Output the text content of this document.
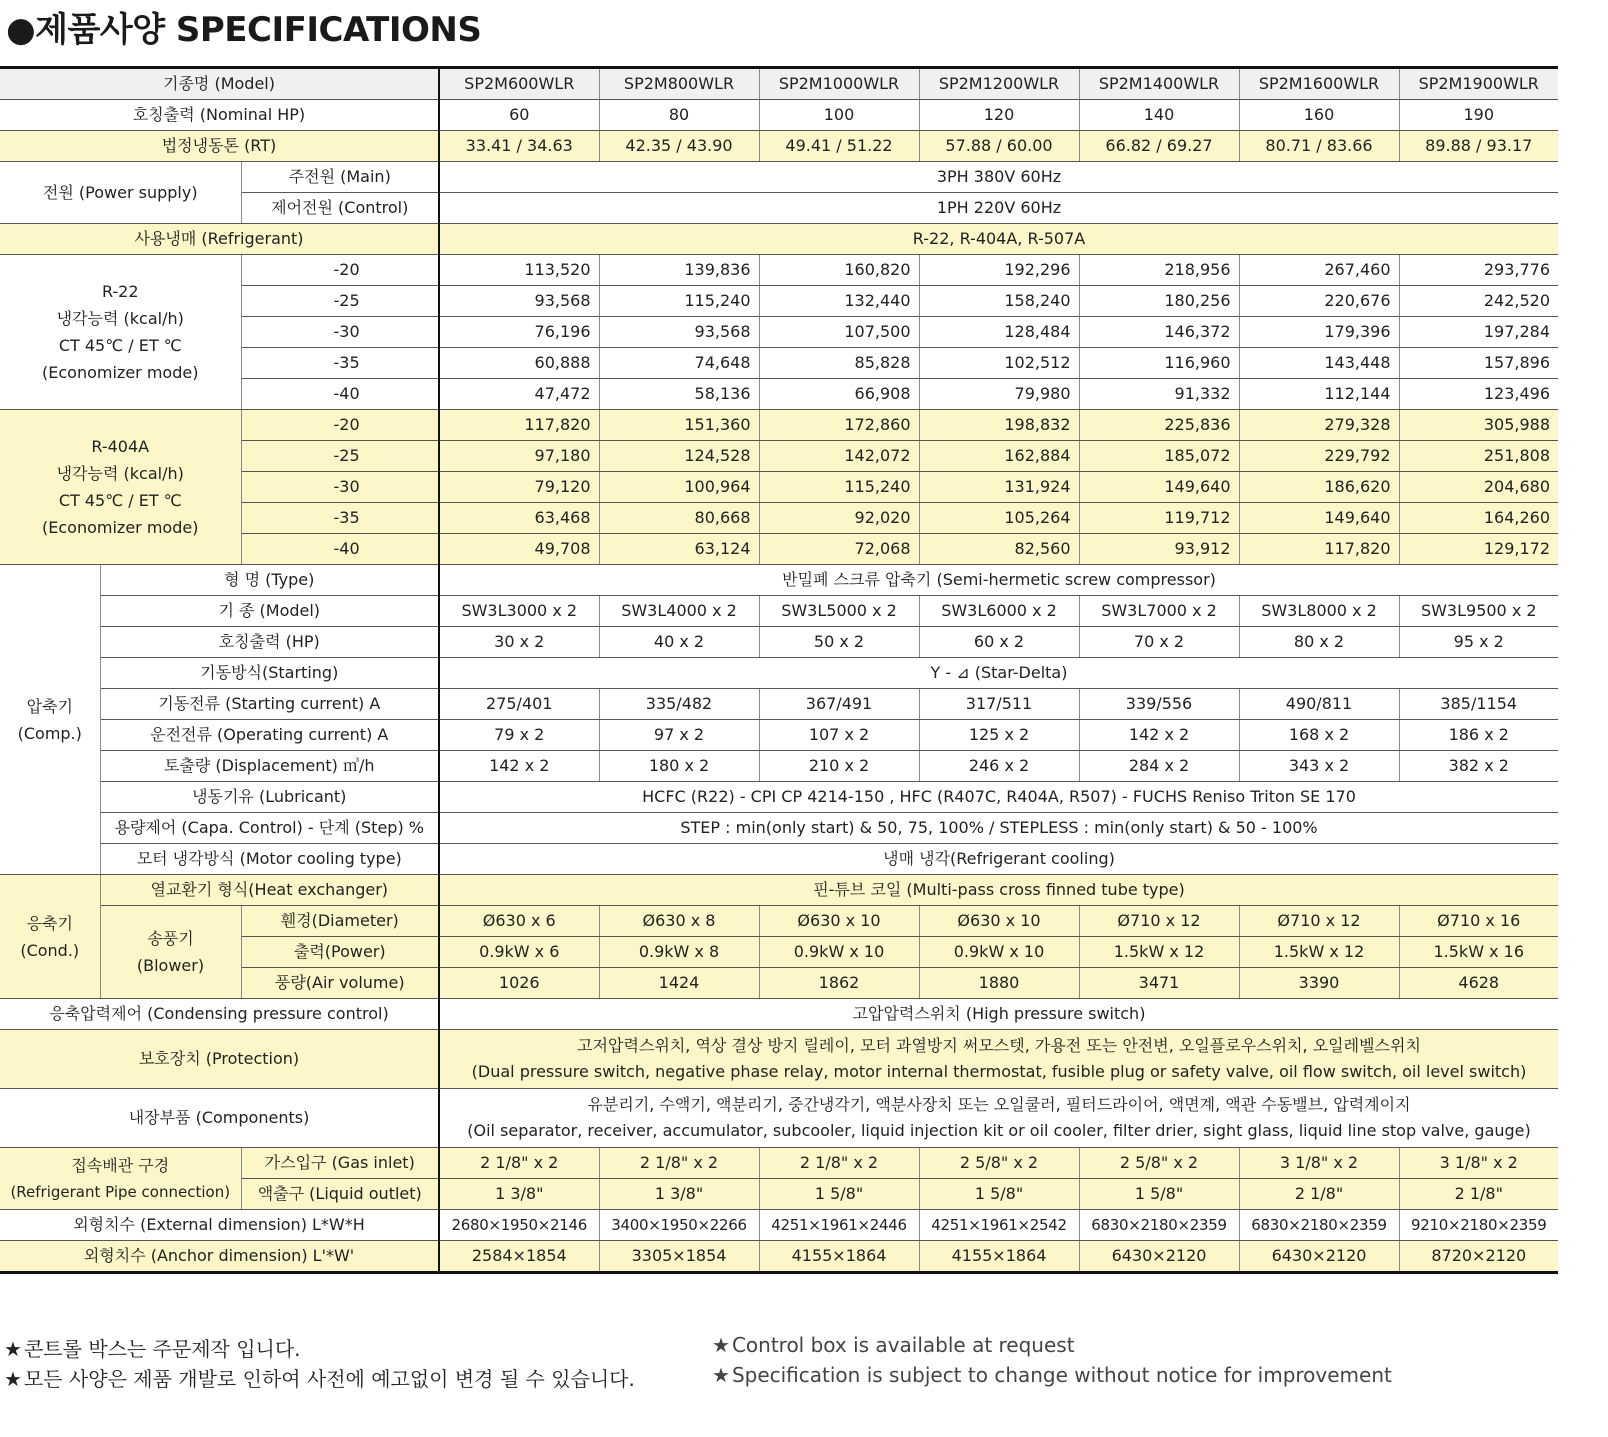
●제품사양 SPECIFICATIONS
기종명 (Model)			SP2M600WLR	SP2M800WLR	SP2M1000WLR	SP2M1200WLR	SP2M1400WLR	SP2M1600WLR	SP2M1900WLR
호칭출력 (Nominal HP)			60	80	100	120	140	160	190
법정냉동톤 (RT)			33.41 / 34.63	42.35 / 43.90	49.41 / 51.22	57.88 / 60.00	66.82 / 69.27	80.71 / 83.66	89.88 / 93.17
전원 (Power supply)		주전원 (Main)	3PH 380V 60Hz						
		제어전원 (Control)	1PH 220V 60Hz						
사용냉매 (Refrigerant)			R-22, R-404A, R-507A						

R-22
냉각능력 (kcal/h)
CT 45℃ / ET ℃
(Economizer mode)		-20	113,520	139,836	160,820	192,296	218,956	267,460	293,776
		-25	93,568	115,240	132,440	158,240	180,256	220,676	242,520
		-30	76,196	93,568	107,500	128,484	146,372	179,396	197,284
		-35	60,888	74,648	85,828	102,512	116,960	143,448	157,896
		-40	47,472	58,136	66,908	79,980	91,332	112,144	123,496

R-404A
냉각능력 (kcal/h)
CT 45℃ / ET ℃
(Economizer mode)		-20	117,820	151,360	172,860	198,832	225,836	279,328	305,988
		-25	97,180	124,528	142,072	162,884	185,072	229,792	251,808
		-30	79,120	100,964	115,240	131,924	149,640	186,620	204,680
		-35	63,468	80,668	92,020	105,264	119,712	149,640	164,260
		-40	49,708	63,124	72,068	82,560	93,912	117,820	129,172

압축기
(Comp.)	형 명 (Type)		반밀폐 스크류 압축기 (Semi-hermetic screw compressor)						
	기 종 (Model)		SW3L3000 x 2	SW3L4000 x 2	SW3L5000 x 2	SW3L6000 x 2	SW3L7000 x 2	SW3L8000 x 2	SW3L9500 x 2
	호칭출력 (HP)		30 x 2	40 x 2	50 x 2	60 x 2	70 x 2	80 x 2	95 x 2
	기동방식(Starting)		Y - ⊿ (Star-Delta)						
	기동전류 (Starting current) A		275/401	335/482	367/491	317/511	339/556	490/811	385/1154
	운전전류 (Operating current) A		79 x 2	97 x 2	107 x 2	125 x 2	142 x 2	168 x 2	186 x 2
	토출량 (Displacement) ㎥/h		142 x 2	180 x 2	210 x 2	246 x 2	284 x 2	343 x 2	382 x 2
	냉동기유 (Lubricant)		HCFC (R22) - CPI CP 4214-150 , HFC (R407C, R404A, R507) - FUCHS Reniso Triton SE 170						
	용량제어 (Capa. Control) - 단계 (Step) %		STEP : min(only start) & 50, 75, 100% / STEPLESS : min(only start) & 50 - 100%						
	모터 냉각방식 (Motor cooling type)		냉매 냉각(Refrigerant cooling)						

응축기
(Cond.)	열교환기 형식(Heat exchanger)		핀-튜브 코일 (Multi-pass cross finned tube type)						

	송풍기
(Blower)	휀경(Diameter)	Ø630 x 6	Ø630 x 8	Ø630 x 10	Ø630 x 10	Ø710 x 12	Ø710 x 12	Ø710 x 16
		출력(Power)	0.9kW x 6	0.9kW x 8	0.9kW x 10	0.9kW x 10	1.5kW x 12	1.5kW x 12	1.5kW x 16
		풍량(Air volume)	1026	1424	1862	1880	3471	3390	4628
응축압력제어 (Condensing pressure control)			고압압력스위치 (High pressure switch)						
보호장치 (Protection)			고저압력스위치, 역상 결상 방지 릴레이, 모터 과열방지 써모스텟, 가용전 또는 안전변, 오일플로우스위치, 오일레벨스위치
(Dual pressure switch, negative phase relay, motor internal thermostat, fusible plug or safety valve, oil flow switch, oil level switch)						

내장부품 (Components)			유분리기, 수액기, 액분리기, 중간냉각기, 액분사장치 또는 오일쿨러, 필터드라이어, 액면계, 액관 수동밸브, 압력계이지
(Oil separator, receiver, accumulator, subcooler, liquid injection kit or oil cooler, filter drier, sight glass, liquid line stop valve, gauge)						

접속배관 구경
(Refrigerant Pipe connection)		가스입구 (Gas inlet)	2 1/8" x 2	2 1/8" x 2	2 1/8" x 2	2 5/8" x 2	2 5/8" x 2	3 1/8" x 2	3 1/8" x 2
		액출구 (Liquid outlet)	1 3/8"	1 3/8"	1 5/8"	1 5/8"	1 5/8"	2 1/8"	2 1/8"
외형치수 (External dimension) L*W*H			2680×1950×2146	3400×1950×2266	4251×1961×2446	4251×1961×2542	6830×2180×2359	6830×2180×2359	9210×2180×2359
외형치수 (Anchor dimension) L'*W'			2584×1854	3305×1854	4155×1864	4155×1864	6430×2120	6430×2120	8720×2120
★ 콘트롤 박스는 주문제작 입니다.
★ 모든 사양은 제품 개발로 인하여 사전에 예고없이 변경 될 수 있습니다.
★ Control box is available at request
★ Specification is subject to change without notice for improvement
